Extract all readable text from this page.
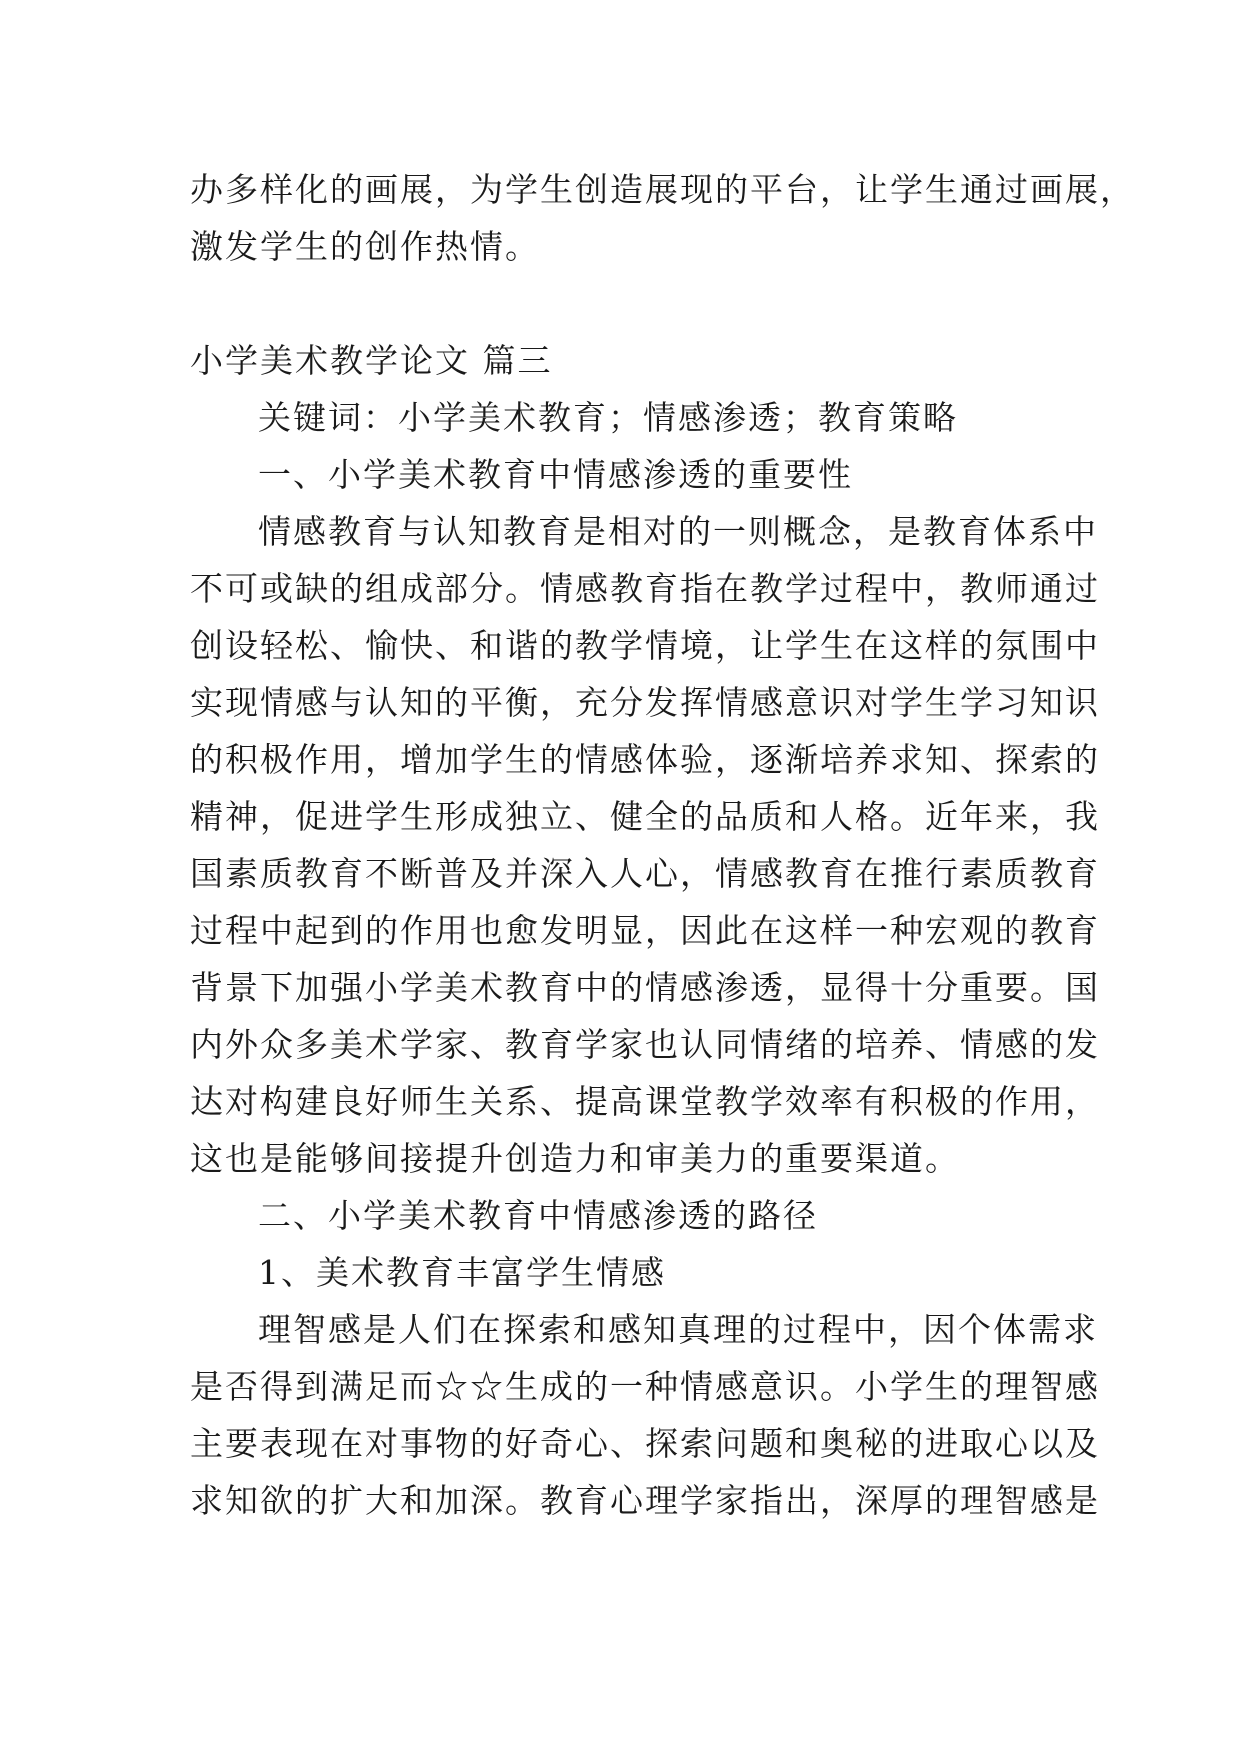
办多样化的画展，为学生创造展现的平台，让学生通过画展，
激发学生的创作热情。
小学美术教学论文 篇三
关键词：小学美术教育；情感渗透；教育策略
一、小学美术教育中情感渗透的重要性
情感教育与认知教育是相对的一则概念，是教育体系中
不可或缺的组成部分。情感教育指在教学过程中，教师通过
创设轻松、愉快、和谐的教学情境，让学生在这样的氛围中
实现情感与认知的平衡，充分发挥情感意识对学生学习知识
的积极作用，增加学生的情感体验，逐渐培养求知、探索的
精神，促进学生形成独立、健全的品质和人格。近年来，我
国素质教育不断普及并深入人心，情感教育在推行素质教育
过程中起到的作用也愈发明显，因此在这样一种宏观的教育
背景下加强小学美术教育中的情感渗透，显得十分重要。国
内外众多美术学家、教育学家也认同情绪的培养、情感的发
达对构建良好师生关系、提高课堂教学效率有积极的作用，
这也是能够间接提升创造力和审美力的重要渠道。
二、小学美术教育中情感渗透的路径
1、美术教育丰富学生情感
理智感是人们在探索和感知真理的过程中，因个体需求
是否得到满足而☆☆生成的一种情感意识。小学生的理智感
主要表现在对事物的好奇心、探索问题和奥秘的进取心以及
求知欲的扩大和加深。教育心理学家指出，深厚的理智感是
